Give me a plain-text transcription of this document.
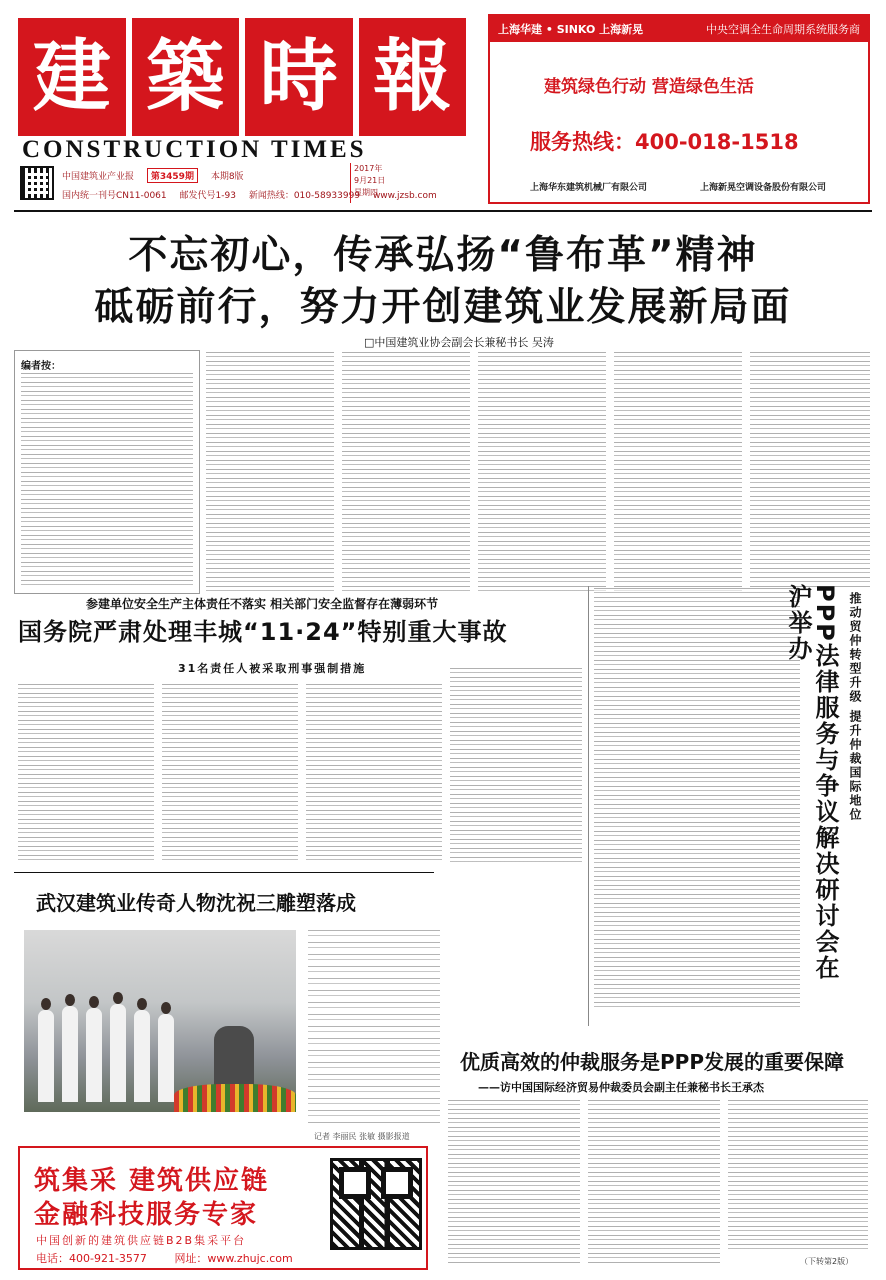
建 築 時 報
CONSTRUCTION TIMES
中国建筑业产业报 第3459期 本期8版
国内统一刊号CN11-0061 邮发代号1-93 新闻热线：010-58933999 www.jzsb.com
2017年
9月21日
星期四
上海华建 • SINKO 上海新晃	中央空调全生命周期系统服务商
建筑绿色行动 营造绿色生活
服务热线：400-018-1518
上海华东建筑机械厂有限公司	上海新晃空调设备股份有限公司
不忘初心，传承弘扬“鲁布革”精神
砥砺前行，努力开创建筑业发展新局面
□中国建筑业协会副会长兼秘书长 吴涛
编者按：
参建单位安全生产主体责任不落实 相关部门安全监督存在薄弱环节
国务院严肃处理丰城“11·24”特别重大事故
31名责任人被采取刑事强制措施	PPP法律服务与争议解决研讨会在沪举办	推动贸仲转型升级 提升仲裁国际地位
武汉建筑业传奇人物沈祝三雕塑落成
记者 李丽民 张敏 摄影报道
优质高效的仲裁服务是PPP发展的重要保障
——访中国国际经济贸易仲裁委员会副主任兼秘书长王承杰
筑集采 建筑供应链
金融科技服务专家
中国创新的建筑供应链B2B集采平台
电话：400-921-3577	网址：www.zhujc.com	（下转第2版）
